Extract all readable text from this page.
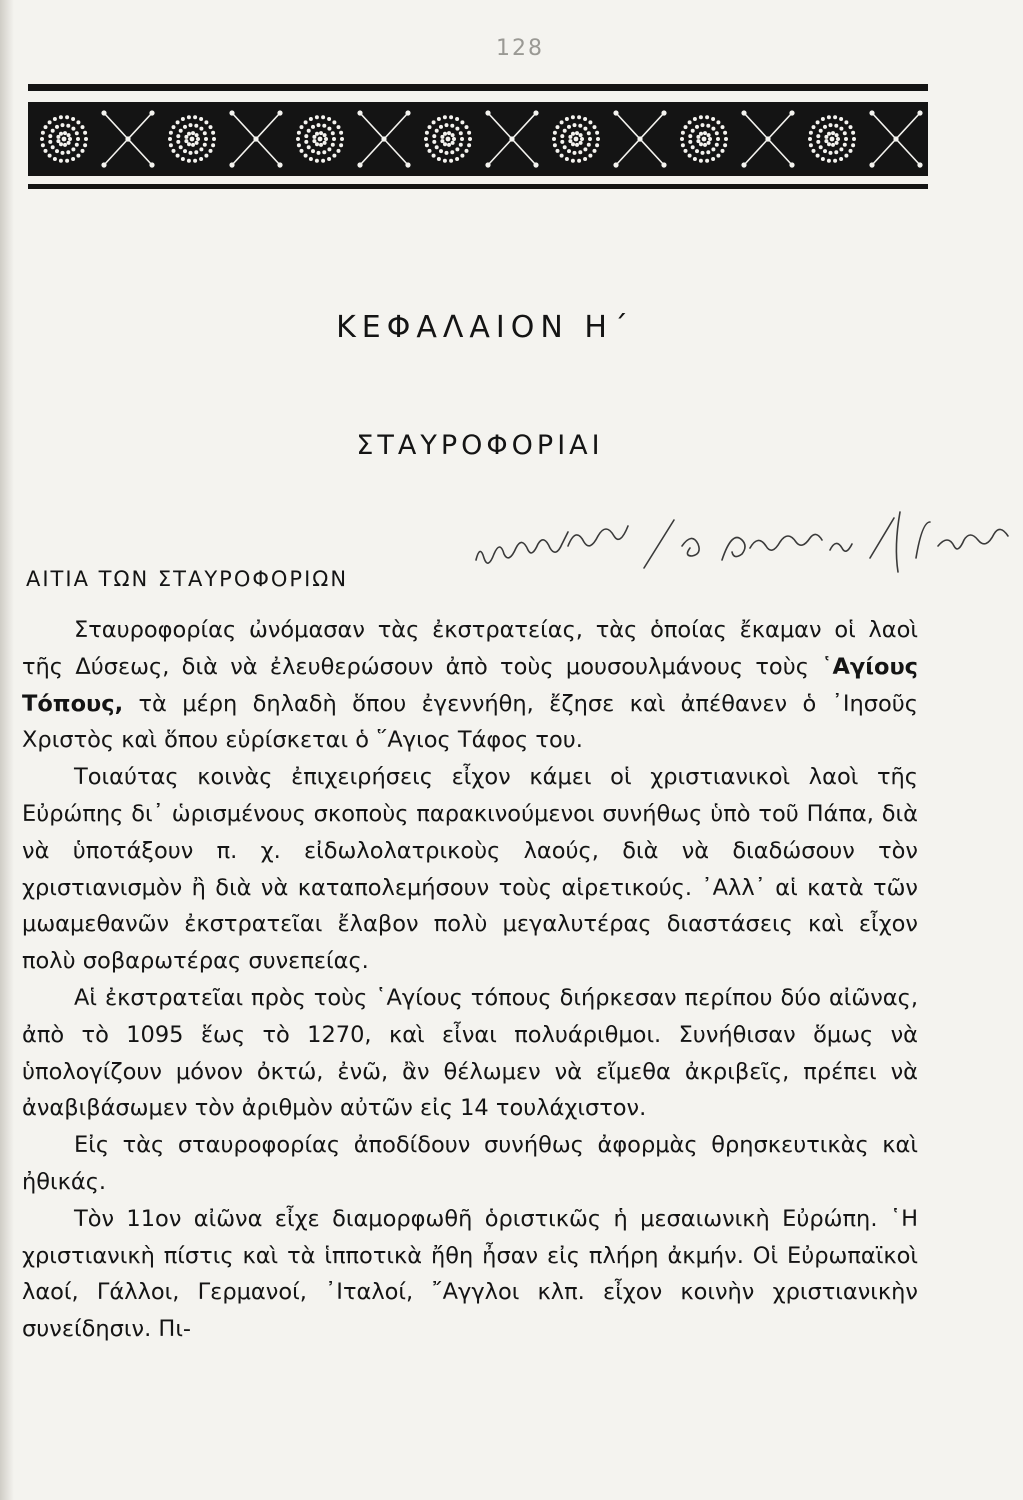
128
ΚΕΦΑΛΑΙΟΝ Η΄
ΣΤΑΥΡΟΦΟΡΙΑΙ
ΑΙΤΙΑ ΤΩΝ ΣΤΑΥΡΟΦΟΡΙΩΝ

Σταυροφορίας ὠνόμασαν τὰς ἐκστρατείας, τὰς ὁποίας ἔκαμαν οἱ λαοὶ τῆς Δύσεως, διὰ νὰ ἐλευθερώσουν ἀπὸ τοὺς μουσουλμάνους τοὺς ῾Αγίους Τόπους, τὰ μέρη δηλαδὴ ὅπου ἐγεννήθη, ἔζησε καὶ ἀπέθανεν ὁ ᾿Ιησοῦς Χριστὸς καὶ ὅπου εὑρίσκεται ὁ ῞Αγιος Τάφος του.

Τοιαύτας κοινὰς ἐπιχειρήσεις εἶχον κάμει οἱ χριστιανικοὶ λαοὶ τῆς Εὐρώπης δι᾿ ὡρισμένους σκοποὺς παρακινούμενοι συνήθως ὑπὸ τοῦ Πάπα, διὰ νὰ ὑποτάξουν π. χ. εἰδωλολατρικοὺς λαούς, διὰ νὰ διαδώσουν τὸν χριστιανισμὸν ἢ διὰ νὰ καταπολεμήσουν τοὺς αἱρετικούς. ᾿Αλλ᾿ αἱ κατὰ τῶν μωαμεθανῶν ἐκστρατεῖαι ἔλαβον πολὺ μεγαλυτέρας διαστάσεις καὶ εἶχον πολὺ σοβαρωτέρας συνεπείας.

Αἱ ἐκστρατεῖαι πρὸς τοὺς ῾Αγίους τόπους διήρκεσαν περίπου δύο αἰῶνας, ἀπὸ τὸ 1095 ἕως τὸ 1270, καὶ εἶναι πολυάριθμοι. Συνήθισαν ὅμως νὰ ὑπολογίζουν μόνον ὀκτώ, ἐνῶ, ἂν θέλωμεν νὰ εἴμεθα ἀκριβεῖς, πρέπει νὰ ἀναβιβάσωμεν τὸν ἀριθμὸν αὐτῶν εἰς 14 τουλάχιστον.

Εἰς τὰς σταυροφορίας ἀποδίδουν συνήθως ἀφορμὰς θρησκευτικὰς καὶ ἠθικάς.

Τὸν 11ον αἰῶνα εἶχε διαμορφωθῆ ὁριστικῶς ἡ μεσαιωνικὴ Εὐρώπη. ῾Η χριστιανικὴ πίστις καὶ τὰ ἱπποτικὰ ἤθη ἦσαν εἰς πλήρη ἀκμήν. Οἱ Εὐρωπαϊκοὶ λαοί, Γάλλοι, Γερμανοί, ᾿Ιταλοί, ῎Αγγλοι κλπ. εἶχον κοινὴν χριστιανικὴν συνείδησιν. Πι-
